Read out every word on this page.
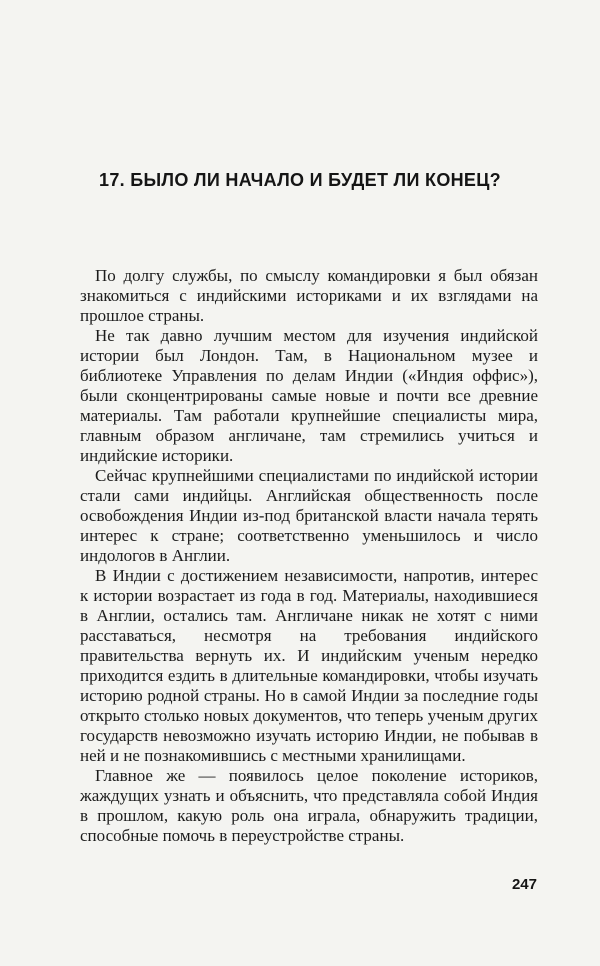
17. БЫЛО ЛИ НАЧАЛО И БУДЕТ ЛИ КОНЕЦ?

По долгу службы, по смыслу командировки я был обязан знакомиться с индийскими историками и их взглядами на прошлое страны.

Не так давно лучшим местом для изучения индийской истории был Лондон. Там, в Национальном музее и библиотеке Управления по делам Индии («Индия оффис»), были сконцентрированы самые новые и почти все древние материалы. Там работали крупнейшие специалисты мира, главным образом англичане, там стремились учиться и индийские историки.

Сейчас крупнейшими специалистами по индийской истории стали сами индийцы. Английская общественность после освобождения Индии из-под британской власти начала терять интерес к стране; соответственно уменьшилось и число индологов в Англии.

В Индии с достижением независимости, напротив, интерес к истории возрастает из года в год. Материалы, находившиеся в Англии, остались там. Англичане никак не хотят с ними расставаться, несмотря на требования индийского правительства вернуть их. И индийским ученым нередко приходится ездить в длительные командировки, чтобы изучать историю родной страны. Но в самой Индии за последние годы открыто столько новых документов, что теперь ученым других государств невозможно изучать историю Индии, не побывав в ней и не познакомившись с местными хранилищами.

Главное же — появилось целое поколение историков, жаждущих узнать и объяснить, что представляла собой Индия в прошлом, какую роль она играла, обнаружить традиции, способные помочь в переустройстве страны.

247
